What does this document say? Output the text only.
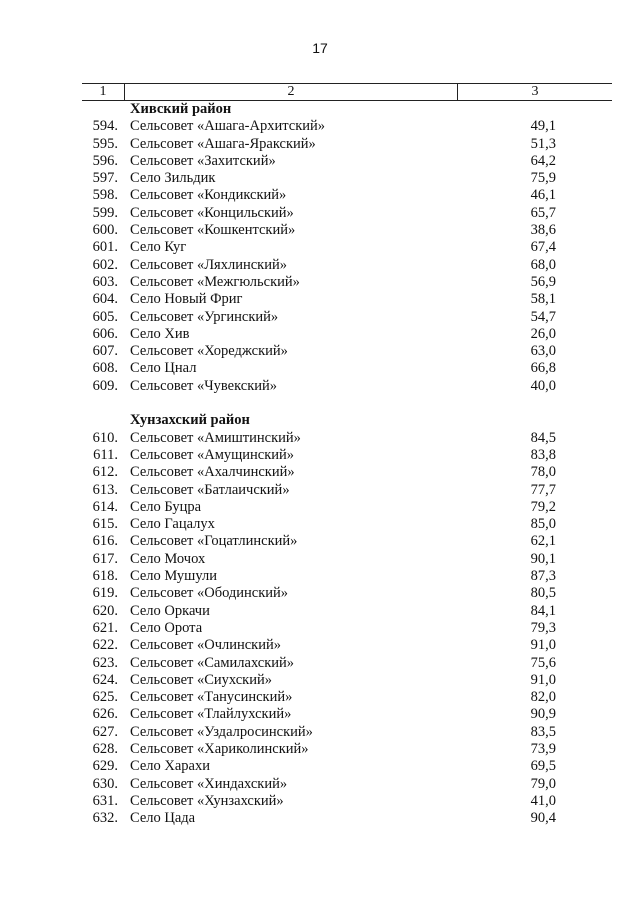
17
1	2	3
Хивский район
594. Сельсовет «Ашага-Архитский»	49,1
595. Сельсовет «Ашага-Яракский»	51,3
596. Сельсовет «Захитский»	64,2
597. Село Зильдик	75,9
598. Сельсовет «Кондикский»	46,1
599. Сельсовет «Концильский»	65,7
600. Сельсовет «Кошкентский»	38,6
601. Село Куг	67,4
602. Сельсовет «Ляхлинский»	68,0
603. Сельсовет «Межгюльский»	56,9
604. Село Новый Фриг	58,1
605. Сельсовет «Ургинский»	54,7
606. Село Хив	26,0
607. Сельсовет «Хореджский»	63,0
608. Село Цнал	66,8
609. Сельсовет «Чувекский»	40,0
Хунзахский район
610. Сельсовет «Амиштинский»	84,5
611. Сельсовет «Амущинский»	83,8
612. Сельсовет «Ахалчинский»	78,0
613. Сельсовет «Батлаичский»	77,7
614. Село Буцра	79,2
615. Село Гацалух	85,0
616. Сельсовет «Гоцатлинский»	62,1
617. Село Мочох	90,1
618. Село Мушули	87,3
619. Сельсовет «Ободинский»	80,5
620. Село Оркачи	84,1
621. Село Орота	79,3
622. Сельсовет «Очлинский»	91,0
623. Сельсовет «Самилахский»	75,6
624. Сельсовет «Сиухский»	91,0
625. Сельсовет «Танусинский»	82,0
626. Сельсовет «Тлайлухский»	90,9
627. Сельсовет «Уздалросинский»	83,5
628. Сельсовет «Хариколинский»	73,9
629. Село Харахи	69,5
630. Сельсовет «Хиндахский»	79,0
631. Сельсовет «Хунзахский»	41,0
632. Село Цада	90,4
